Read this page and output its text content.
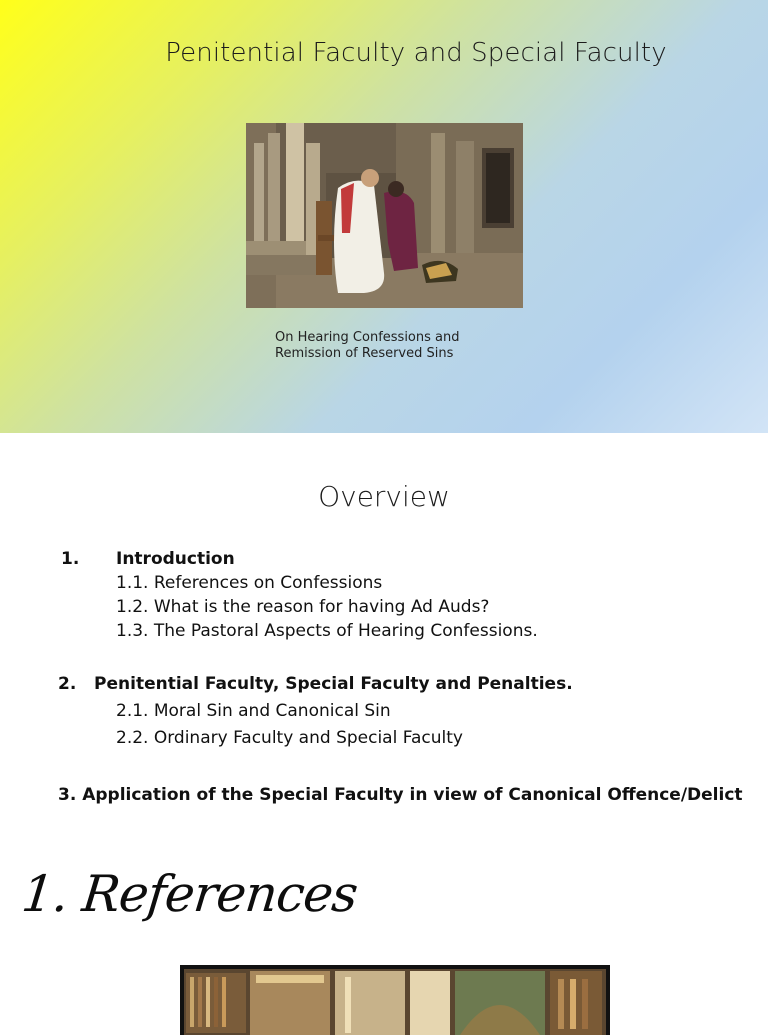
Penitential Faculty and Special Faculty
On Hearing Confessions and
Remission of Reserved Sins
Overview
1. Introduction
1.1. References on Confessions
1.2. What is the reason for having Ad Auds?
1.3. The Pastoral Aspects of Hearing Confessions.
2.   Penitential Faculty, Special Faculty and Penalties.
2.1. Moral Sin and Canonical Sin
2.2. Ordinary Faculty and Special Faculty
3. Application of the Special Faculty in view of Canonical Offence/Delict
1. References
